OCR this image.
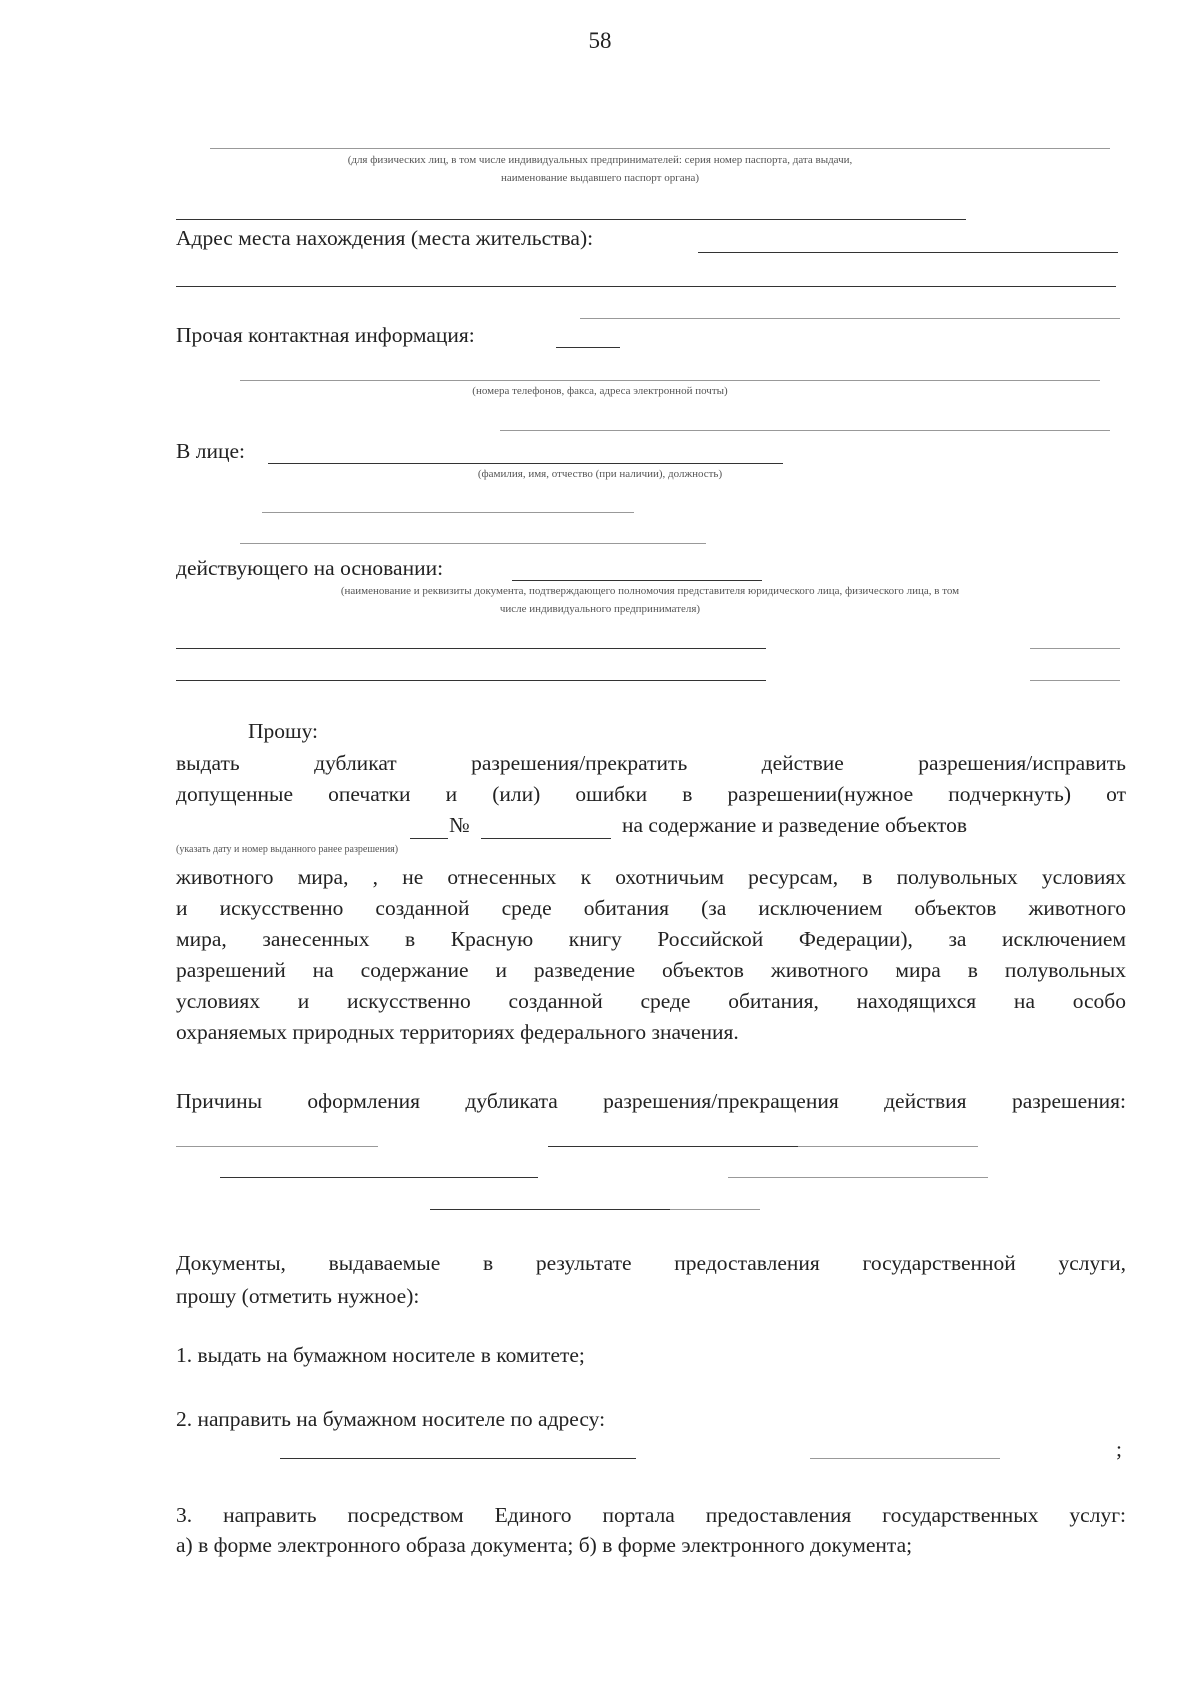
58
(для физических лиц, в том числе индивидуальных предпринимателей: серия номер паспорта, дата выдачи,
наименование выдавшего паспорт органа)
Адрес места нахождения (места жительства):
Прочая контактная информация:
(номера телефонов, факса, адреса электронной почты)
В лице:
(фамилия, имя, отчество (при наличии), должность)
действующего на основании:
(наименование и реквизиты документа, подтверждающего полномочия представителя юридического лица, физического лица, в том
числе индивидуального предпринимателя)
Прошу:
выдать дубликат разрешения/прекратить действие разрешения/исправить
допущенные опечатки и (или) ошибки в разрешении(нужное подчеркнуть) от
№	на содержание и разведение объектов
(указать дату и номер выданного ранее разрешения)
животного мира, , не отнесенных к охотничьим ресурсам, в полувольных условиях
и искусственно созданной среде обитания (за исключением объектов животного
мира, занесенных в Красную книгу Российской Федерации), за исключением
разрешений на содержание и разведение объектов животного мира в полувольных
условиях и искусственно созданной среде обитания, находящихся на особо
охраняемых природных территориях федерального значения.
Причины оформления дубликата разрешения/прекращения действия разрешения:
Документы, выдаваемые в результате предоставления государственной услуги,
прошу (отметить нужное):
1. выдать на бумажном носителе в комитете;
2. направить на бумажном носителе по адресу:
;
3. направить посредством Единого портала предоставления государственных услуг:
а) в форме электронного образа документа; б) в форме электронного документа;
